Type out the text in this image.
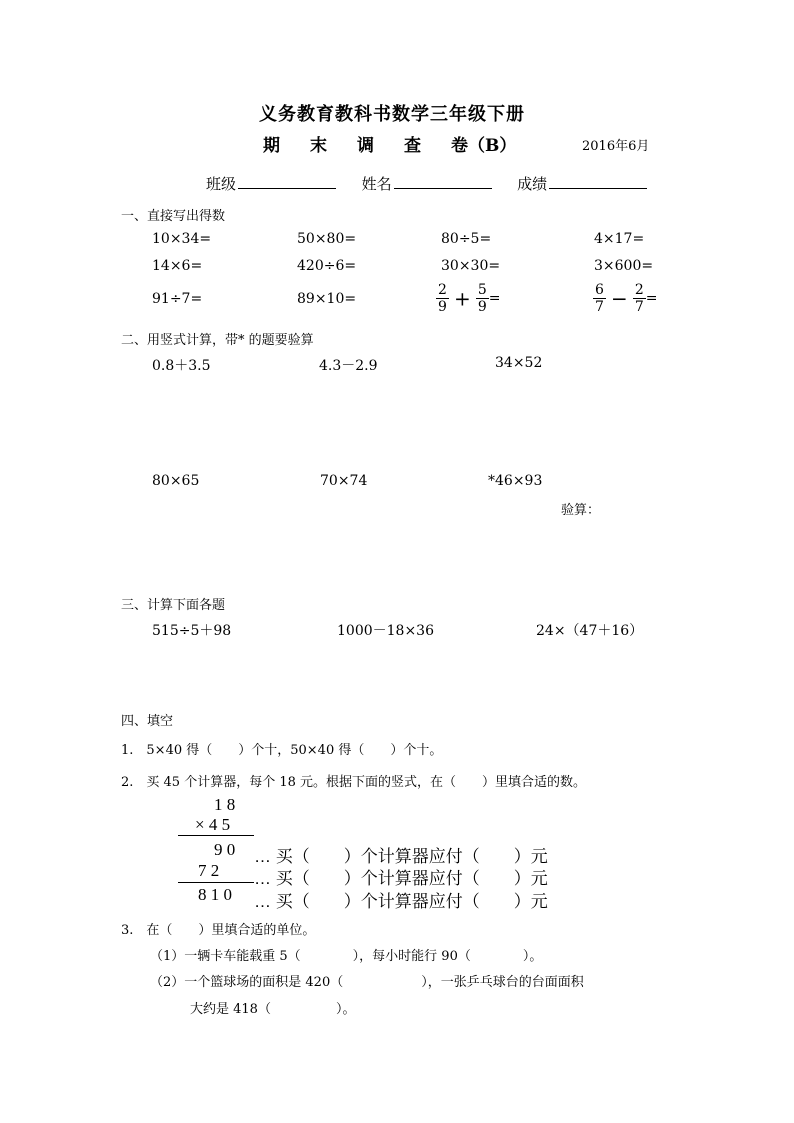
义务教育教科书数学三年级下册
期 末 调 查 卷（B）	2016年6月
班级	姓名	成绩
一、直接写出得数
10×34=	50×80=	80÷5=	4×17=
14×6=	420÷6=	30×30=	3×600=
91÷7=	89×10=	$\frac{2}{9} + \frac{5}{9}$ =	$\frac{6}{7} - \frac{2}{7}$ =
二、用竖式计算，带* 的题要验算
0.8＋3.5	4.3－2.9	34×52
80×65	70×74	*46×93
验算：
三、计算下面各题
515÷5＋98	1000－18×36	24×（47＋16）
四、填空
1.　5×40 得（　　）个十，50×40 得（　　）个十。
2.　买 45 个计算器，每个 18 元。根据下面的竖式，在（　　）里填合适的数。
1 8
× 4 5
9 0
7 2
8 1 0
… 买（　　）个计算器应付（　　）元
… 买（　　）个计算器应付（　　）元
… 买（　　）个计算器应付（　　）元
3.　在（　　）里填合适的单位。
（1）一辆卡车能载重 5（　　　　），每小时能行 90（　　　　）。
（2）一个篮球场的面积是 420（　　　　　　），一张乒乓球台的台面面积
大约是 418（　　　　　）。
